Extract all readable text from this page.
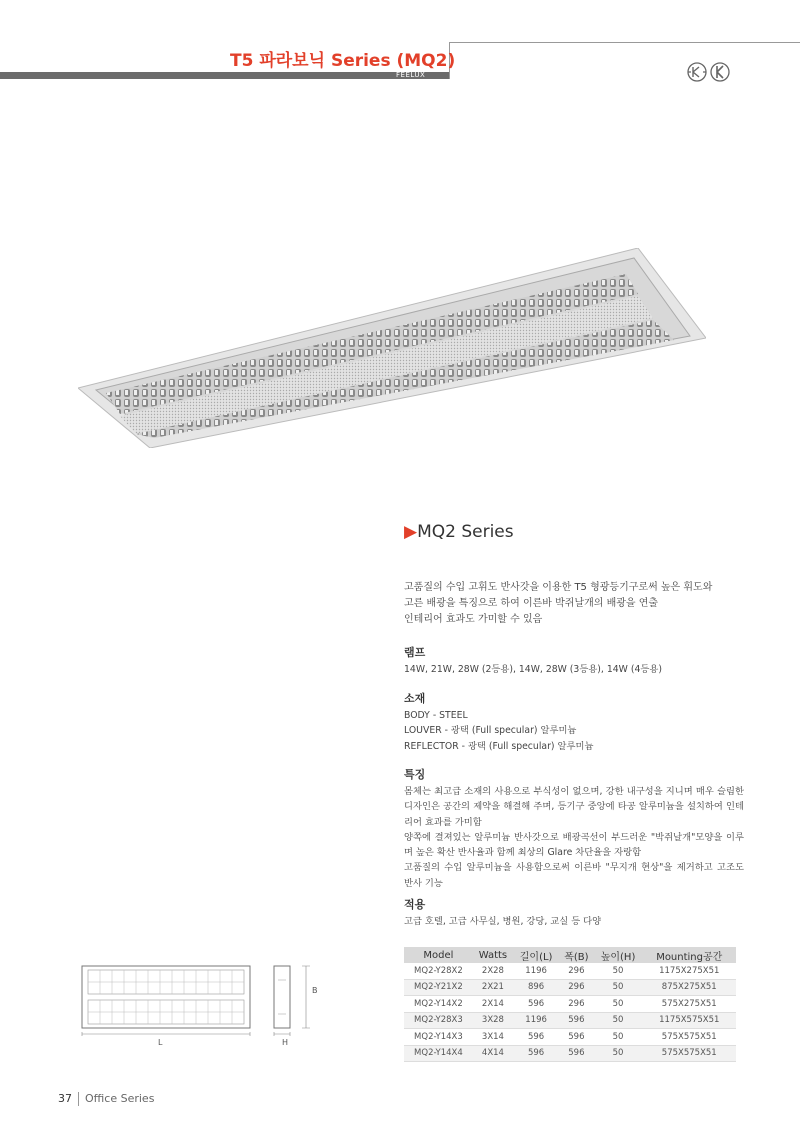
T5 파라보닉 Series (MQ2)
FEELUX
▶MQ2 Series
고품질의 수입 고휘도 반사갓을 이용한 T5 형광등기구로써 높은 휘도와
고른 배광을 특징으로 하여 이른바 박쥐날개의 배광을 연출
인테리어 효과도 가미할 수 있음
램프

14W, 21W, 28W (2등용), 14W, 28W (3등용), 14W (4등용)

소재

BODY - STEEL

LOUVER - 광택 (Full specular) 알루미늄

REFLECTOR - 광택 (Full specular) 알루미늄

특징

몸체는 최고급 소재의 사용으로 부식성이 없으며, 강한 내구성을 지니며 매우 슬림한 디자인은 공간의 제약을 해결해 주며, 등기구 중앙에 타공 알루미늄을 설치하여 인테리어 효과를 가미함

양쪽에 결져있는 알루미늄 반사갓으로 배광곡선이 부드러운 "박쥐날개"모양을 이루며 높은 확산 반사율과 함께 최상의 Glare 차단율을 자랑함

고품질의 수입 알루미늄을 사용함으로써 이른바 "무지개 현상"을 제거하고 고조도 반사 기능

적용

고급 호텔, 고급 사무실, 병원, 강당, 교실 등 다양

Model	Watts	길이(L)	폭(B)	높이(H)	Mounting공간
MQ2-Y28X2	2X28	1196	296	50	1175X275X51
MQ2-Y21X2	2X21	896	296	50	875X275X51
MQ2-Y14X2	2X14	596	296	50	575X275X51
MQ2-Y28X3	3X28	1196	596	50	1175X575X51
MQ2-Y14X3	3X14	596	596	50	575X575X51
MQ2-Y14X4	4X14	596	596	50	575X575X51
L	H
B
37 Office Series
